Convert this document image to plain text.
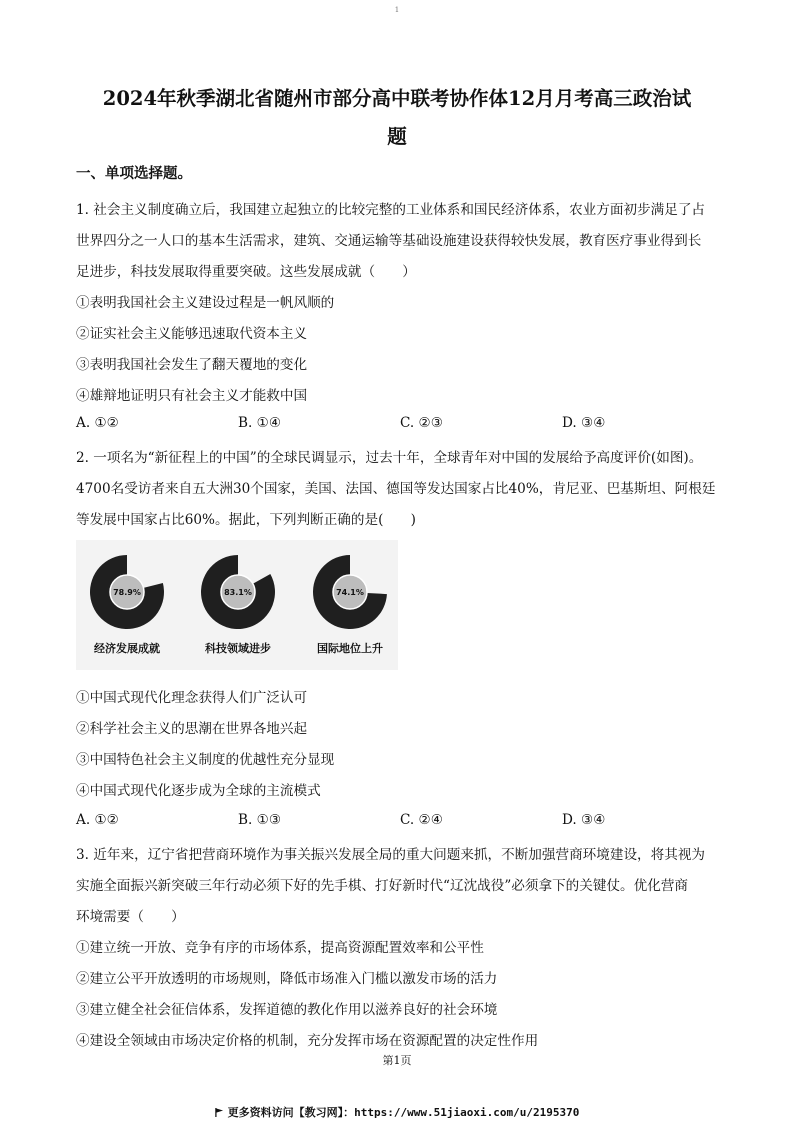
1
2024年秋季湖北省随州市部分高中联考协作体12月月考高三政治试
题
一、单项选择题。
1. 社会主义制度确立后，我国建立起独立的比较完整的工业体系和国民经济体系，农业方面初步满足了占
世界四分之一人口的基本生活需求，建筑、交通运输等基础设施建设获得较快发展，教育医疗事业得到长
足进步，科技发展取得重要突破。这些发展成就（　　）
①表明我国社会主义建设过程是一帆风顺的
②证实社会主义能够迅速取代资本主义
③表明我国社会发生了翻天覆地的变化
④雄辩地证明只有社会主义才能救中国
A. ①②	B. ①④	C. ②③	D. ③④
2. 一项名为“新征程上的中国”的全球民调显示，过去十年，全球青年对中国的发展给予高度评价(如图)。
4700名受访者来自五大洲30个国家，美国、法国、德国等发达国家占比40%，肯尼亚、巴基斯坦、阿根廷
等发展中国家占比60%。据此，下列判断正确的是(　　)
78.9%	83.1%	74.1%
经济发展成就	科技领域进步	国际地位上升
①中国式现代化理念获得人们广泛认可
②科学社会主义的思潮在世界各地兴起
③中国特色社会主义制度的优越性充分显现
④中国式现代化逐步成为全球的主流模式
A. ①②	B. ①③	C. ②④	D. ③④
3. 近年来，辽宁省把营商环境作为事关振兴发展全局的重大问题来抓，不断加强营商环境建设，将其视为
实施全面振兴新突破三年行动必须下好的先手棋、打好新时代“辽沈战役”必须拿下的关键仗。优化营商
环境需要（　　）
①建立统一开放、竞争有序的市场体系，提高资源配置效率和公平性
②建立公平开放透明的市场规则，降低市场准入门槛以激发市场的活力
③建立健全社会征信体系，发挥道德的教化作用以滋养良好的社会环境
④建设全领域由市场决定价格的机制，充分发挥市场在资源配置的决定性作用
第1页
更多资料访问【教习网】：https://www.51jiaoxi.com/u/2195370
